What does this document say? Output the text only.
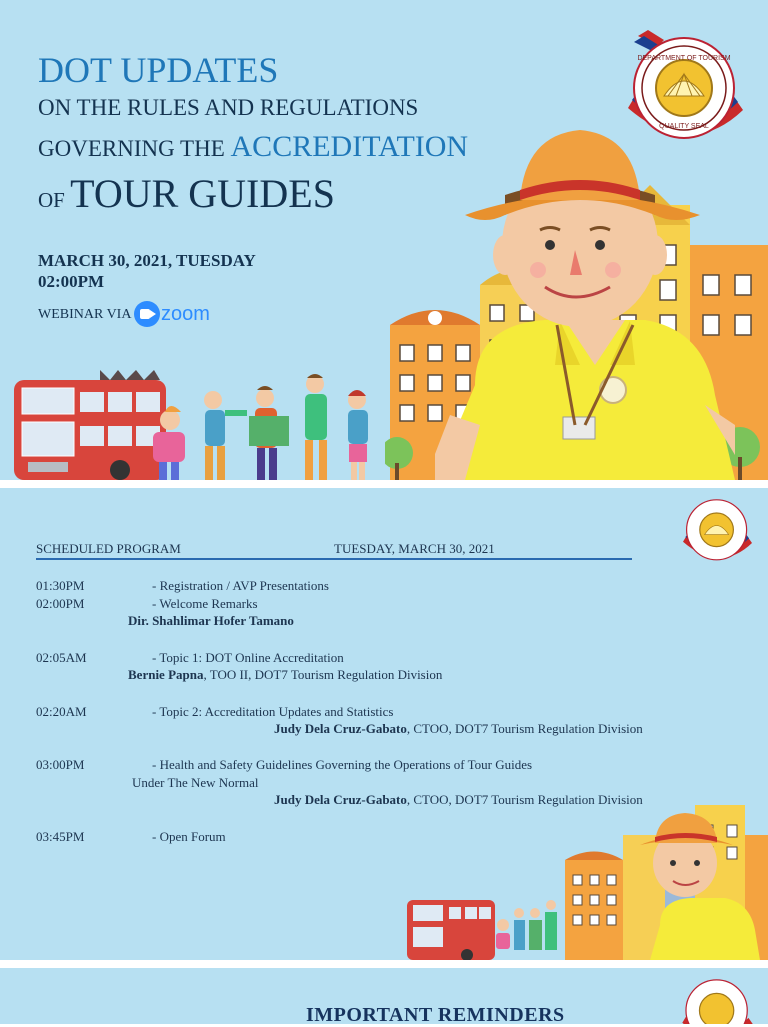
DOT UPDATES
ON THE RULES AND REGULATIONS
GOVERNING THE ACCREDITATION
OF TOUR GUIDES
MARCH 30, 2021, TUESDAY
02:00PM
WEBINAR VIA zoom
DEPARTMENT OF TOURISM
QUALITY SEAL
SCHEDULED PROGRAM	TUESDAY, MARCH 30, 2021
01:30PM	- Registration / AVP Presentations
02:00PM	- Welcome Remarks
Dir. Shahlimar Hofer Tamano
02:05AM	- Topic 1: DOT Online Accreditation
Bernie Papna, TOO II, DOT7 Tourism Regulation Division
02:20AM	- Topic 2: Accreditation Updates and Statistics
Judy Dela Cruz-Gabato, CTOO, DOT7 Tourism Regulation Division
03:00PM	- Health and Safety Guidelines Governing the Operations of Tour Guides
Under The New Normal
Judy Dela Cruz-Gabato, CTOO, DOT7 Tourism Regulation Division
03:45PM	- Open Forum
IMPORTANT REMINDERS
